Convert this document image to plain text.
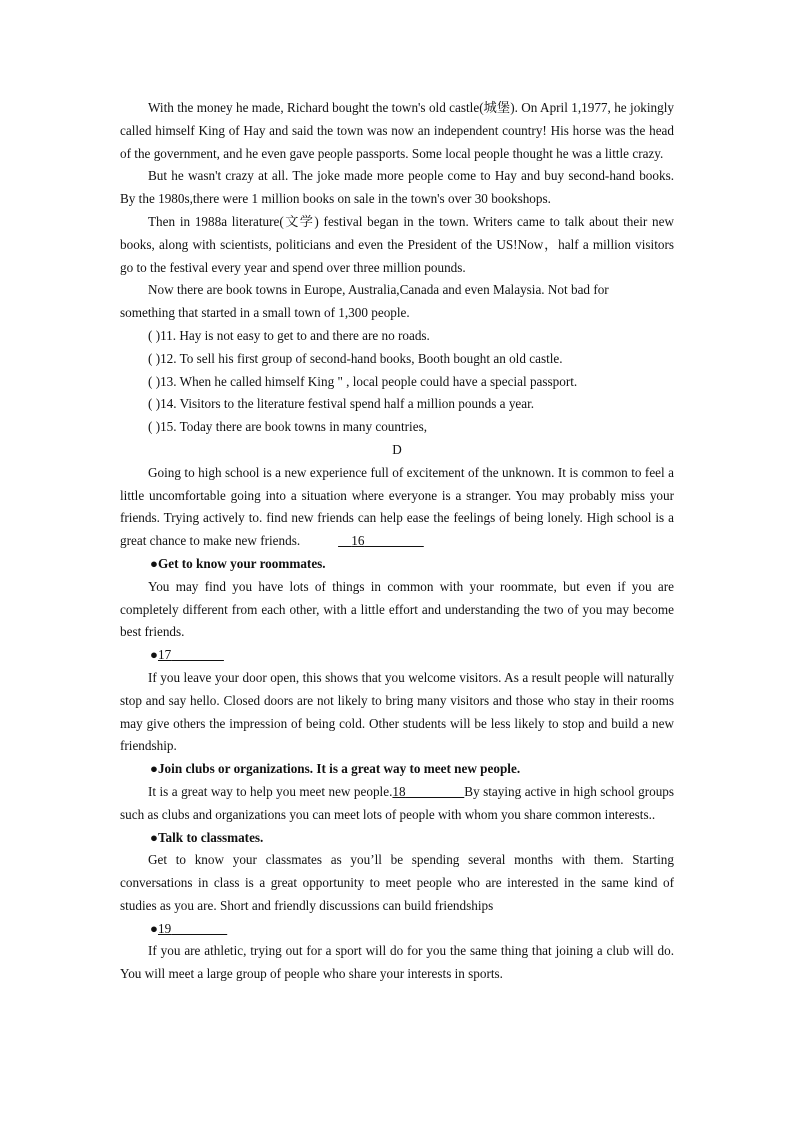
With the money he made, Richard bought the town's old castle(城堡). On April 1,1977, he jokingly called himself King of Hay and said the town was now an independent country! His horse was the head of the government, and he even gave people passports. Some local people thought he was a little crazy.

But he wasn't crazy at all. The joke made more people come to Hay and buy second-hand books. By the 1980s,there were 1 million books on sale in the town's over 30 bookshops.

Then in 1988a literature(文学) festival began in the town. Writers came to talk about their new books, along with scientists, politicians and even the President of the US!Now，half a million visitors go to the festival every year and spend over three million pounds.

Now there are book towns in Europe, Australia,Canada and even Malaysia. Not bad for something that started in a small town of 1,300 people.

( )11. Hay is not easy to get to and there are no roads.

( )12. To sell his first group of second-hand books, Booth bought an old castle.

( )13. When he called himself King " , local people could have a special passport.

( )14. Visitors to the literature festival spend half a million pounds a year.

( )15. Today there are book towns in many countries,

D

Going to high school is a new experience full of excitement of the unknown. It is common to feel a little uncomfortable going into a situation where everyone is a stranger. You may probably miss your friends. Trying actively to. find new friends can help ease the feelings of being lonely. High school is a great chance to make new friends.	16

●Get to know your roommates.

You may find you have lots of things in common with your roommate, but even if you are completely different from each other, with a little effort and understanding the two of you may become best friends.

●17

If you leave your door open, this shows that you welcome visitors. As a result people will naturally stop and say hello. Closed doors are not likely to bring many visitors and those who stay in their rooms may give others the impression of being cold. Other students will be less likely to stop and build a new friendship.

●Join clubs or organizations. It is a great way to meet new people.

It is a great way to help you meet new people.18	By staying active in high school groups such as clubs and organizations you can meet lots of people with whom you share common interests..

●Talk to classmates.

Get to know your classmates as you’ll be spending several months with them. Starting conversations in class is a great opportunity to meet people who are interested in the same kind of studies as you are. Short and friendly discussions can build friendships

●19

If you are athletic, trying out for a sport will do for you the same thing that joining a club will do. You will meet a large group of people who share your interests in sports.
